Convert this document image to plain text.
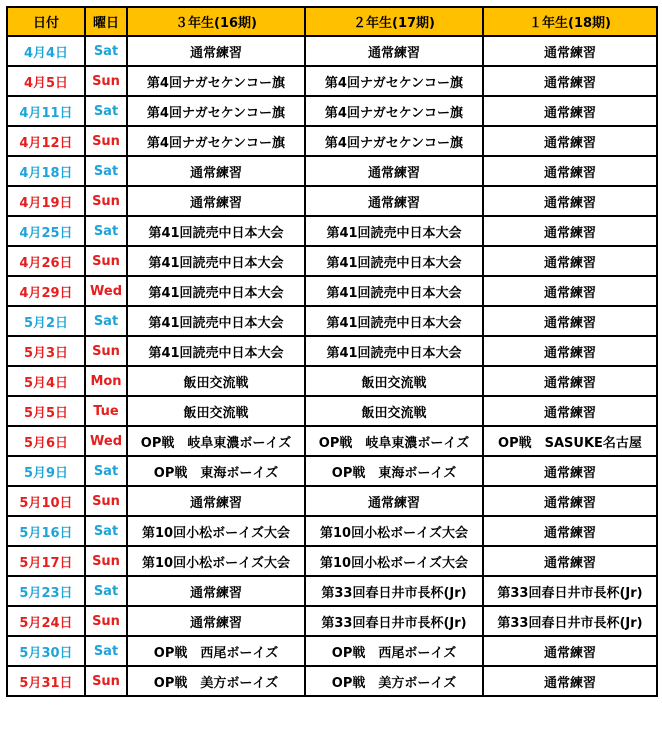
日付	曜日	３年生(16期)	２年生(17期)	１年生(18期)
4月4日	Sat	通常練習	通常練習	通常練習
4月5日	Sun	第4回ナガセケンコー旗	第4回ナガセケンコー旗	通常練習
4月11日	Sat	第4回ナガセケンコー旗	第4回ナガセケンコー旗	通常練習
4月12日	Sun	第4回ナガセケンコー旗	第4回ナガセケンコー旗	通常練習
4月18日	Sat	通常練習	通常練習	通常練習
4月19日	Sun	通常練習	通常練習	通常練習
4月25日	Sat	第41回読売中日本大会	第41回読売中日本大会	通常練習
4月26日	Sun	第41回読売中日本大会	第41回読売中日本大会	通常練習
4月29日	Wed	第41回読売中日本大会	第41回読売中日本大会	通常練習
5月2日	Sat	第41回読売中日本大会	第41回読売中日本大会	通常練習
5月3日	Sun	第41回読売中日本大会	第41回読売中日本大会	通常練習
5月4日	Mon	飯田交流戦	飯田交流戦	通常練習
5月5日	Tue	飯田交流戦	飯田交流戦	通常練習
5月6日	Wed	OP戦　岐阜東濃ボーイズ	OP戦　岐阜東濃ボーイズ	OP戦　SASUKE名古屋
5月9日	Sat	OP戦　東海ボーイズ	OP戦　東海ボーイズ	通常練習
5月10日	Sun	通常練習	通常練習	通常練習
5月16日	Sat	第10回小松ボーイズ大会	第10回小松ボーイズ大会	通常練習
5月17日	Sun	第10回小松ボーイズ大会	第10回小松ボーイズ大会	通常練習
5月23日	Sat	通常練習	第33回春日井市長杯(Jr)	第33回春日井市長杯(Jr)
5月24日	Sun	通常練習	第33回春日井市長杯(Jr)	第33回春日井市長杯(Jr)
5月30日	Sat	OP戦　西尾ボーイズ	OP戦　西尾ボーイズ	通常練習
5月31日	Sun	OP戦　美方ボーイズ	OP戦　美方ボーイズ	通常練習
